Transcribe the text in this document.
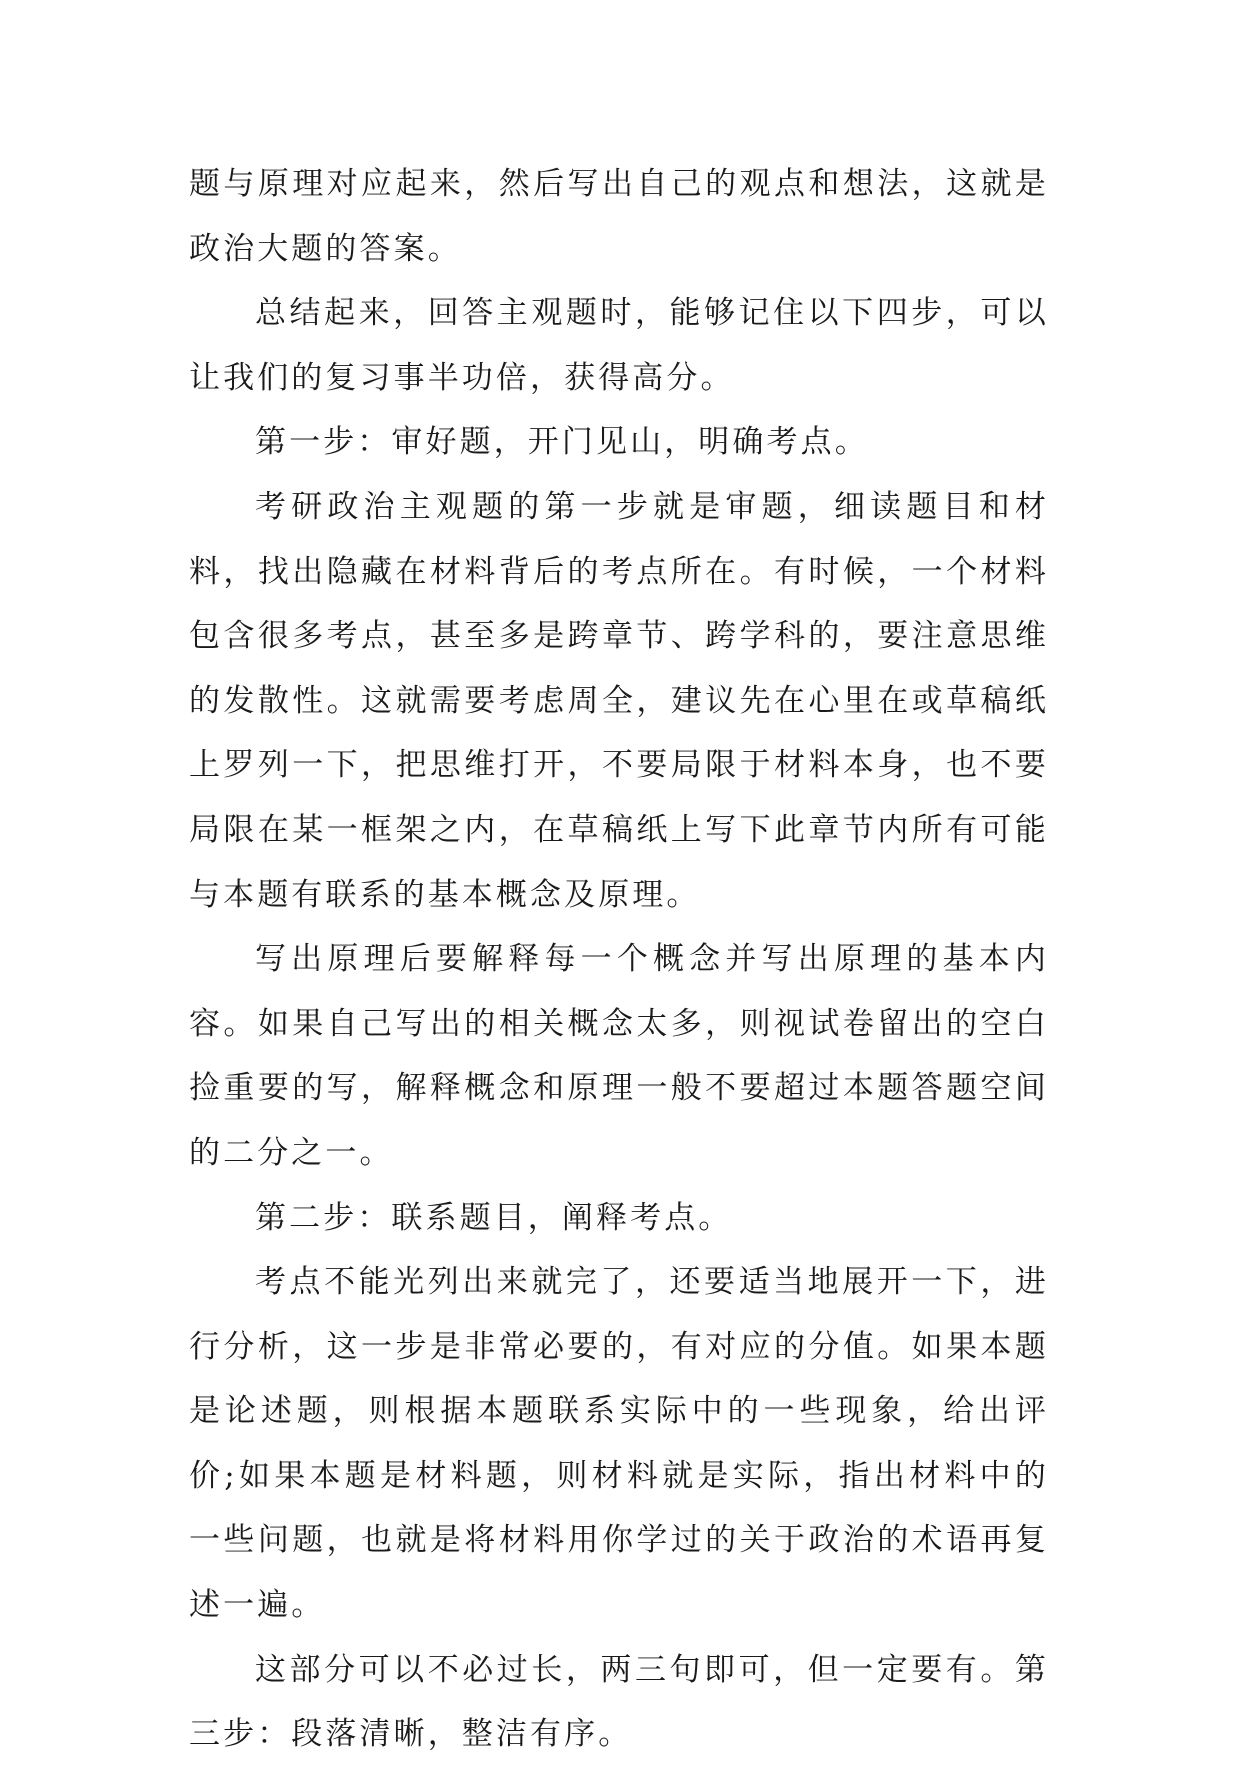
题与原理对应起来，然后写出自己的观点和想法，这就是政治大题的答案。

总结起来，回答主观题时，能够记住以下四步，可以让我们的复习事半功倍，获得高分。

第一步：审好题，开门见山，明确考点。

考研政治主观题的第一步就是审题，细读题目和材料，找出隐藏在材料背后的考点所在。有时候，一个材料包含很多考点，甚至多是跨章节、跨学科的，要注意思维的发散性。这就需要考虑周全，建议先在心里在或草稿纸上罗列一下，把思维打开，不要局限于材料本身，也不要局限在某一框架之内，在草稿纸上写下此章节内所有可能与本题有联系的基本概念及原理。

写出原理后要解释每一个概念并写出原理的基本内容。如果自己写出的相关概念太多，则视试卷留出的空白捡重要的写，解释概念和原理一般不要超过本题答题空间的二分之一。

第二步：联系题目，阐释考点。

考点不能光列出来就完了，还要适当地展开一下，进行分析，这一步是非常必要的，有对应的分值。如果本题是论述题，则根据本题联系实际中的一些现象，给出评价;如果本题是材料题，则材料就是实际，指出材料中的一些问题，也就是将材料用你学过的关于政治的术语再复述一遍。

这部分可以不必过长，两三句即可，但一定要有。第三步：段落清晰，整洁有序。
